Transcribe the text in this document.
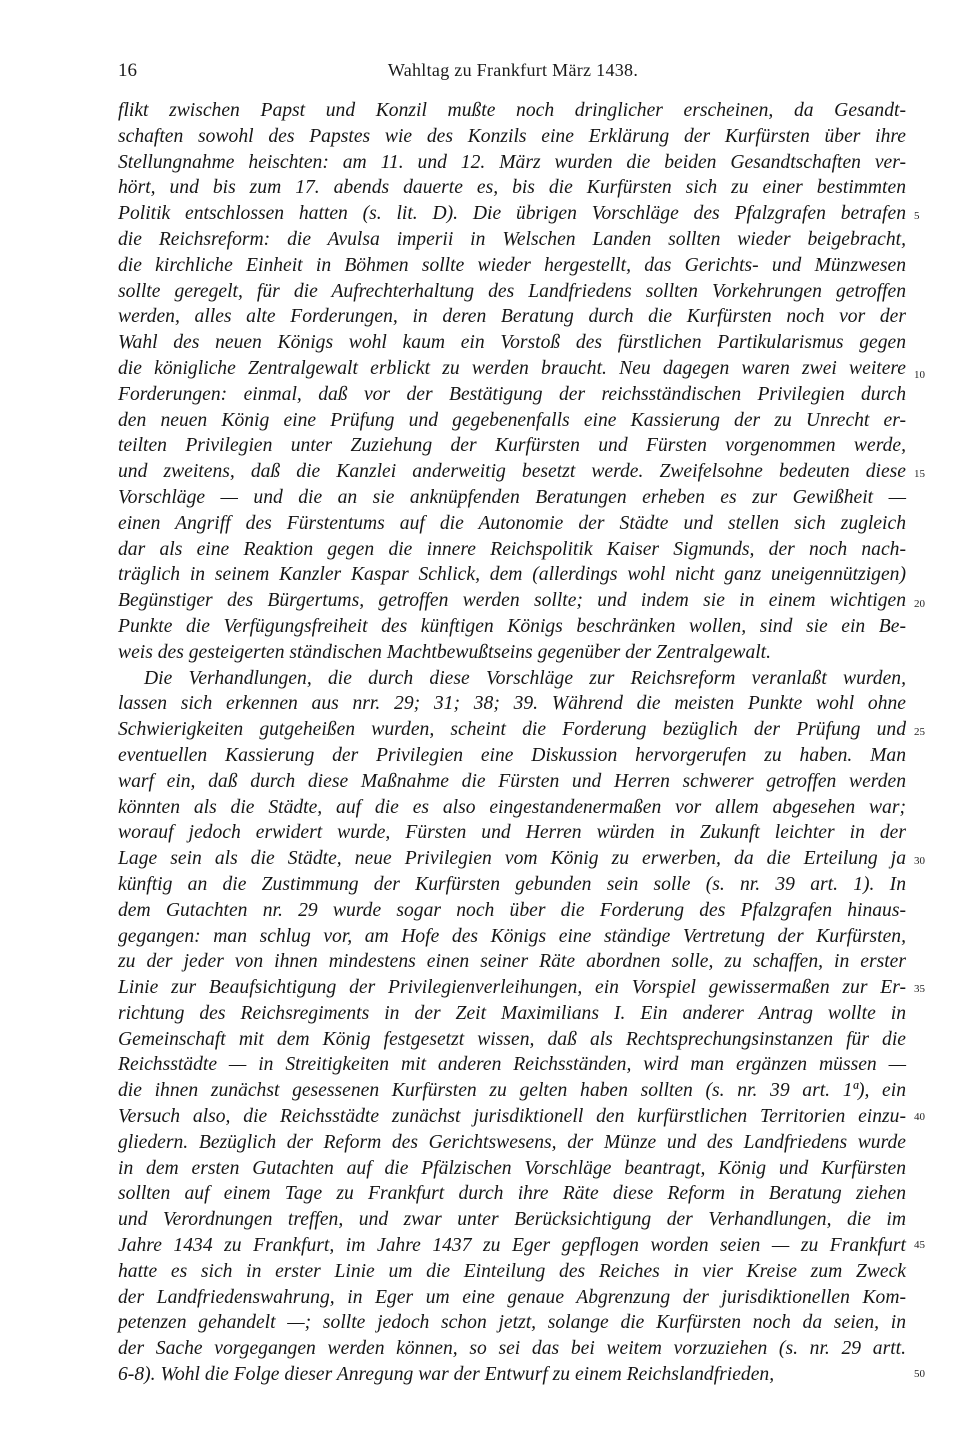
16	Wahltag zu Frankfurt März 1438.
flikt zwischen Papst und Konzil mußte noch dringlicher erscheinen, da Gesandt-
schaften sowohl des Papstes wie des Konzils eine Erklärung der Kurfürsten über ihre
Stellungnahme heischten: am 11. und 12. März wurden die beiden Gesandtschaften ver-
hört, und bis zum 17. abends dauerte es, bis die Kurfürsten sich zu einer bestimmten
Politik entschlossen hatten (s. lit. D). Die übrigen Vorschläge des Pfalzgrafen betrafen
die Reichsreform: die Avulsa imperii in Welschen Landen sollten wieder beigebracht,
die kirchliche Einheit in Böhmen sollte wieder hergestellt, das Gerichts- und Münzwesen
sollte geregelt, für die Aufrechterhaltung des Landfriedens sollten Vorkehrungen getroffen
werden, alles alte Forderungen, in deren Beratung durch die Kurfürsten noch vor der
Wahl des neuen Königs wohl kaum ein Vorstoß des fürstlichen Partikularismus gegen
die königliche Zentralgewalt erblickt zu werden braucht. Neu dagegen waren zwei weitere
Forderungen: einmal, daß vor der Bestätigung der reichsständischen Privilegien durch
den neuen König eine Prüfung und gegebenenfalls eine Kassierung der zu Unrecht er-
teilten Privilegien unter Zuziehung der Kurfürsten und Fürsten vorgenommen werde,
und zweitens, daß die Kanzlei anderweitig besetzt werde. Zweifelsohne bedeuten diese
Vorschläge — und die an sie anknüpfenden Beratungen erheben es zur Gewißheit —
einen Angriff des Fürstentums auf die Autonomie der Städte und stellen sich zugleich
dar als eine Reaktion gegen die innere Reichspolitik Kaiser Sigmunds, der noch nach-
träglich in seinem Kanzler Kaspar Schlick, dem (allerdings wohl nicht ganz uneigennützigen)
Begünstiger des Bürgertums, getroffen werden sollte; und indem sie in einem wichtigen
Punkte die Verfügungsfreiheit des künftigen Königs beschränken wollen, sind sie ein Be-
weis des gesteigerten ständischen Machtbewußtseins gegenüber der Zentralgewalt.
Die Verhandlungen, die durch diese Vorschläge zur Reichsreform veranlaßt wurden,
lassen sich erkennen aus nrr. 29; 31; 38; 39. Während die meisten Punkte wohl ohne
Schwierigkeiten gutgeheißen wurden, scheint die Forderung bezüglich der Prüfung und
eventuellen Kassierung der Privilegien eine Diskussion hervorgerufen zu haben. Man
warf ein, daß durch diese Maßnahme die Fürsten und Herren schwerer getroffen werden
könnten als die Städte, auf die es also eingestandenermaßen vor allem abgesehen war;
worauf jedoch erwidert wurde, Fürsten und Herren würden in Zukunft leichter in der
Lage sein als die Städte, neue Privilegien vom König zu erwerben, da die Erteilung ja
künftig an die Zustimmung der Kurfürsten gebunden sein solle (s. nr. 39 art. 1). In
dem Gutachten nr. 29 wurde sogar noch über die Forderung des Pfalzgrafen hinaus-
gegangen: man schlug vor, am Hofe des Königs eine ständige Vertretung der Kurfürsten,
zu der jeder von ihnen mindestens einen seiner Räte abordnen solle, zu schaffen, in erster
Linie zur Beaufsichtigung der Privilegienverleihungen, ein Vorspiel gewissermaßen zur Er-
richtung des Reichsregiments in der Zeit Maximilians I. Ein anderer Antrag wollte in
Gemeinschaft mit dem König festgesetzt wissen, daß als Rechtsprechungsinstanzen für die
Reichsstädte — in Streitigkeiten mit anderen Reichsständen, wird man ergänzen müssen —
die ihnen zunächst gesessenen Kurfürsten zu gelten haben sollten (s. nr. 39 art. 1ª), ein
Versuch also, die Reichsstädte zunächst jurisdiktionell den kurfürstlichen Territorien einzu-
gliedern. Bezüglich der Reform des Gerichtswesens, der Münze und des Landfriedens wurde
in dem ersten Gutachten auf die Pfälzischen Vorschläge beantragt, König und Kurfürsten
sollten auf einem Tage zu Frankfurt durch ihre Räte diese Reform in Beratung ziehen
und Verordnungen treffen, und zwar unter Berücksichtigung der Verhandlungen, die im
Jahre 1434 zu Frankfurt, im Jahre 1437 zu Eger gepflogen worden seien — zu Frankfurt
hatte es sich in erster Linie um die Einteilung des Reiches in vier Kreise zum Zweck
der Landfriedenswahrung, in Eger um eine genaue Abgrenzung der jurisdiktionellen Kom-
petenzen gehandelt —; sollte jedoch schon jetzt, solange die Kurfürsten noch da seien, in
der Sache vorgegangen werden können, so sei das bei weitem vorzuziehen (s. nr. 29 artt.
6-8). Wohl die Folge dieser Anregung war der Entwurf zu einem Reichslandfrieden,
5
10
15
20
25
30
35
40
45
50
